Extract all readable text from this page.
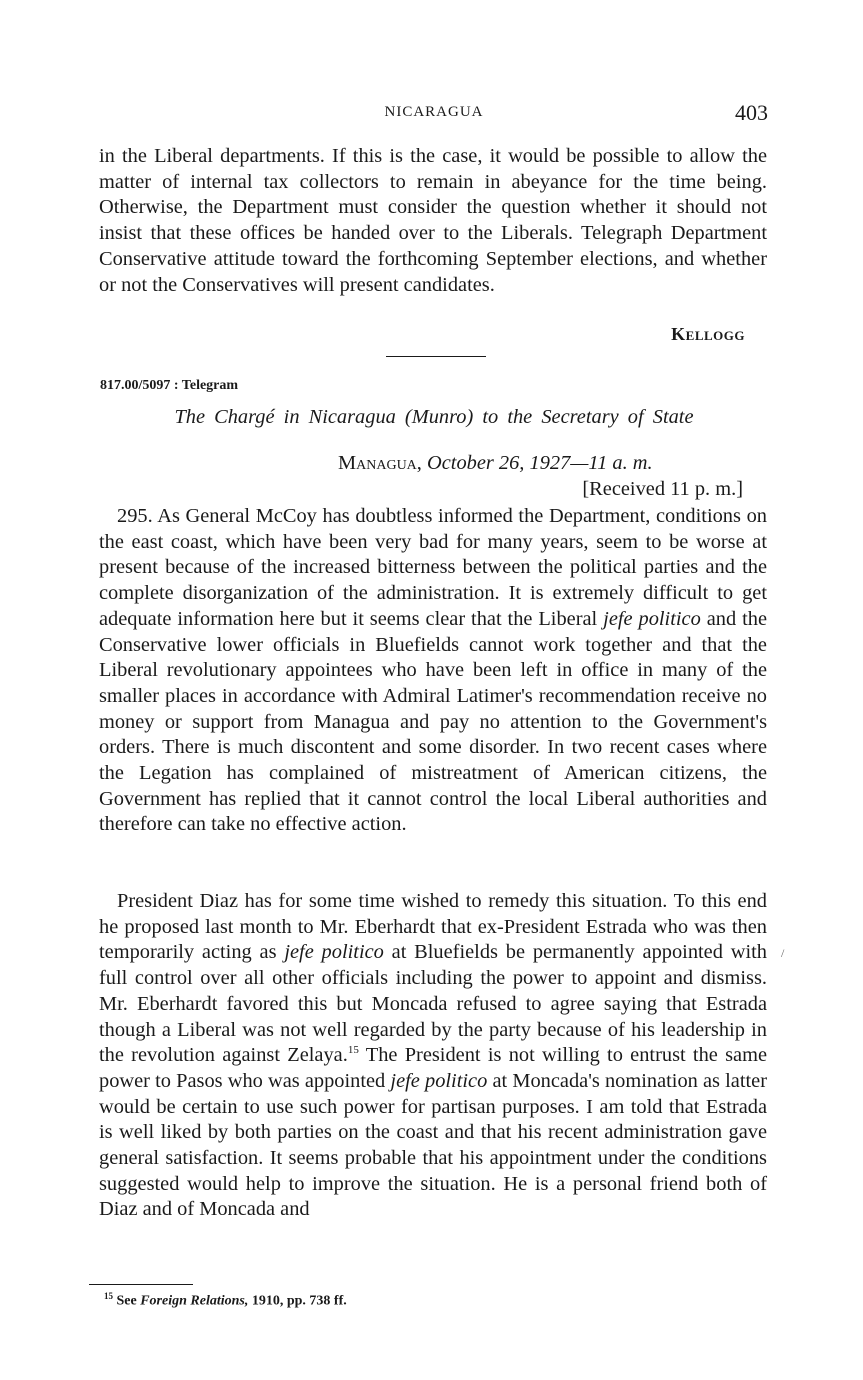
NICARAGUA	403

in the Liberal departments. If this is the case, it would be possible to allow the matter of internal tax collectors to remain in abeyance for the time being. Otherwise, the Department must consider the question whether it should not insist that these offices be handed over to the Liberals. Telegraph Department Conservative attitude toward the forthcoming September elections, and whether or not the Conservatives will present candidates.

Kellogg
817.00/5097 : Telegram
The Chargé in Nicaragua (Munro) to the Secretary of State
Managua, October 26, 1927—11 a. m.
[Received 11 p. m.]

295. As General McCoy has doubtless informed the Department, conditions on the east coast, which have been very bad for many years, seem to be worse at present because of the increased bitterness between the political parties and the complete disorganization of the administration. It is extremely difficult to get adequate information here but it seems clear that the Liberal jefe politico and the Conservative lower officials in Bluefields cannot work together and that the Liberal revolutionary appointees who have been left in office in many of the smaller places in accordance with Admiral Latimer's recommendation receive no money or support from Managua and pay no attention to the Government's orders. There is much discontent and some disorder. In two recent cases where the Legation has complained of mistreatment of American citizens, the Government has replied that it cannot control the local Liberal authorities and therefore can take no effective action.

President Diaz has for some time wished to remedy this situation. To this end he proposed last month to Mr. Eberhardt that ex-President Estrada who was then temporarily acting as jefe politico at Bluefields be permanently appointed with full control over all other officials including the power to appoint and dismiss. Mr. Eberhardt favored this but Moncada refused to agree saying that Estrada though a Liberal was not well regarded by the party because of his leadership in the revolution against Zelaya.$^{15}$ The President is not willing to entrust the same power to Pasos who was appointed jefe politico at Moncada's nomination as latter would be certain to use such power for partisan purposes. I am told that Estrada is well liked by both parties on the coast and that his recent administration gave general satisfaction. It seems probable that his appointment under the conditions suggested would help to improve the situation. He is a personal friend both of Diaz and of Moncada and

/
$^{15}$ See Foreign Relations, 1910, pp. 738 ff.
